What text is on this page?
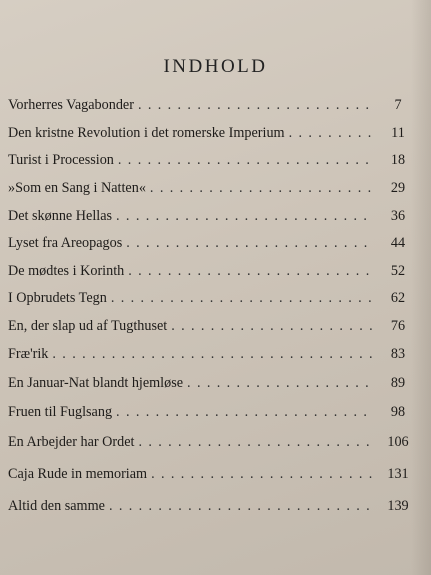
INDHOLD
Vorherres Vagabonder . . .	7
Den kristne Revolution i det romerske Imperium . . .	11
Turist i Procession . . .	18
»Som en Sang i Natten« . . .	29
Det skønne Hellas . . .	36
Lyset fra Areopagos . . .	44
De mødtes i Korinth . . .	52
I Opbrudets Tegn . . .	62
En, der slap ud af Tugthuset . . .	76
Fræ'rik . . .	83
En Januar-Nat blandt hjemløse . . .	89
Fruen til Fuglsang . . .	98
En Arbejder har Ordet . . .	106
Caja Rude in memoriam . . .	131
Altid den samme . . .	139
